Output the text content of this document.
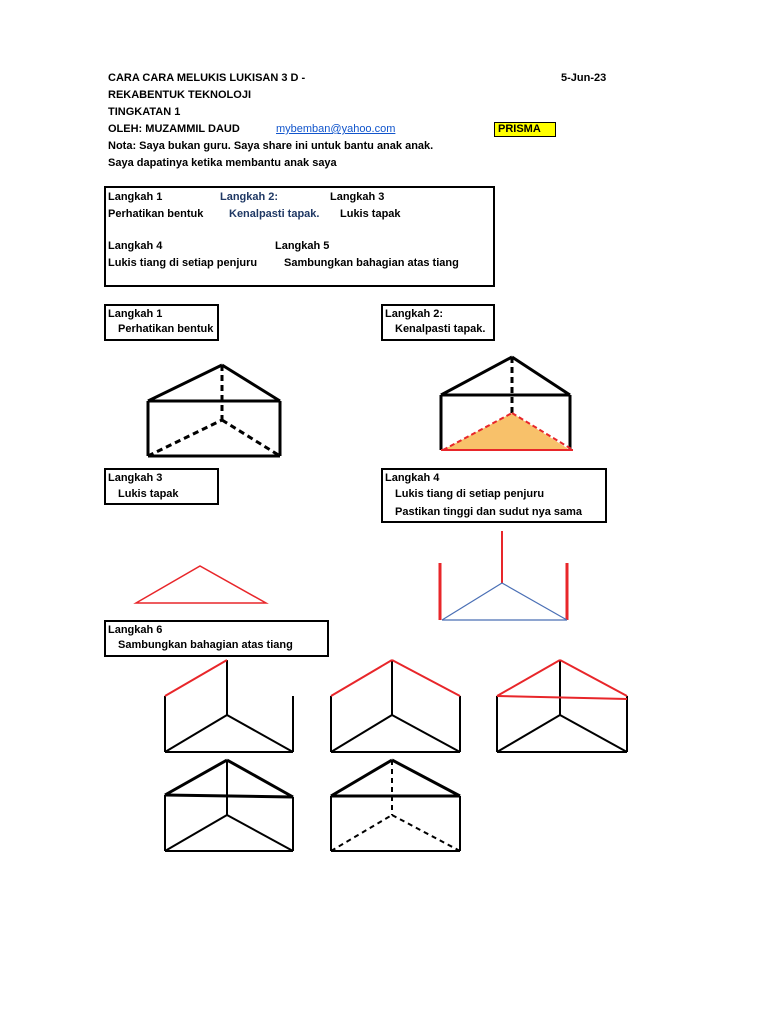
CARA CARA MELUKIS LUKISAN 3 D -	5-Jun-23
REKABENTUK TEKNOLOJI
TINGKATAN 1
OLEH: MUZAMMIL DAUD	mybemban@yahoo.com	PRISMA
Nota: Saya bukan guru. Saya share ini untuk bantu anak anak.
Saya dapatinya ketika membantu anak saya
Langkah 1
Perhatikan bentuk
Langkah 2:
Kenalpasti tapak.
Langkah 3
Lukis tapak
Langkah 4
Lukis tiang di setiap penjuru
Langkah 5
Sambungkan bahagian atas tiang
Langkah 1
Perhatikan bentuk
Langkah 2:
Kenalpasti tapak.
Langkah 3
Lukis tapak
Langkah 4
Lukis tiang di setiap penjuru
Pastikan tinggi dan sudut nya sama
Langkah 6
Sambungkan bahagian atas tiang
